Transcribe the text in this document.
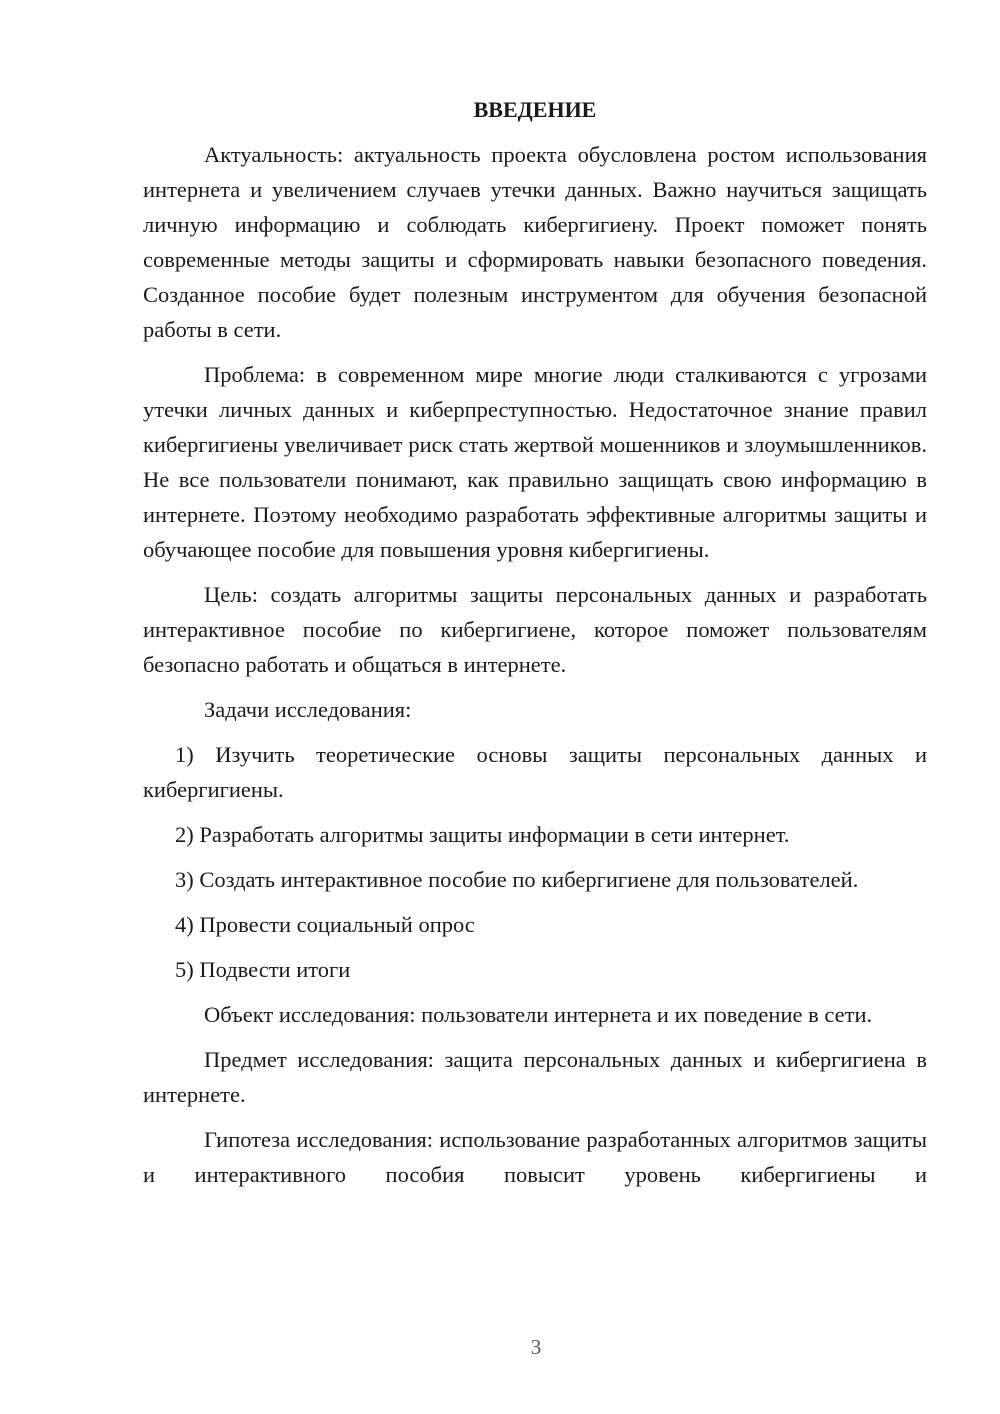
ВВЕДЕНИЕ

Актуальность: актуальность проекта обусловлена ростом использования интернета и увеличением случаев утечки данных. Важно научиться защищать личную информацию и соблюдать кибергигиену. Проект поможет понять современные методы защиты и сформировать навыки безопасного поведения. Созданное пособие будет полезным инструментом для обучения безопасной работы в сети.

Проблема: в современном мире многие люди сталкиваются с угрозами утечки личных данных и киберпреступностью. Недостаточное знание правил кибергигиены увеличивает риск стать жертвой мошенников и злоумышленников. Не все пользователи понимают, как правильно защищать свою информацию в интернете. Поэтому необходимо разработать эффективные алгоритмы защиты и обучающее пособие для повышения уровня кибергигиены.

Цель: создать алгоритмы защиты персональных данных и разработать интерактивное пособие по кибергигиене, которое поможет пользователям безопасно работать и общаться в интернете.

Задачи исследования:

1) Изучить теоретические основы защиты персональных данных и кибергигиены.

2) Разработать алгоритмы защиты информации в сети интернет.

3) Создать интерактивное пособие по кибергигиене для пользователей.

4) Провести социальный опрос

5) Подвести итоги

Объект исследования: пользователи интернета и их поведение в сети.

Предмет исследования: защита персональных данных и кибергигиена в интернете.

Гипотеза исследования: использование разработанных алгоритмов защиты и интерактивного пособия повысит уровень кибергигиены и

3
